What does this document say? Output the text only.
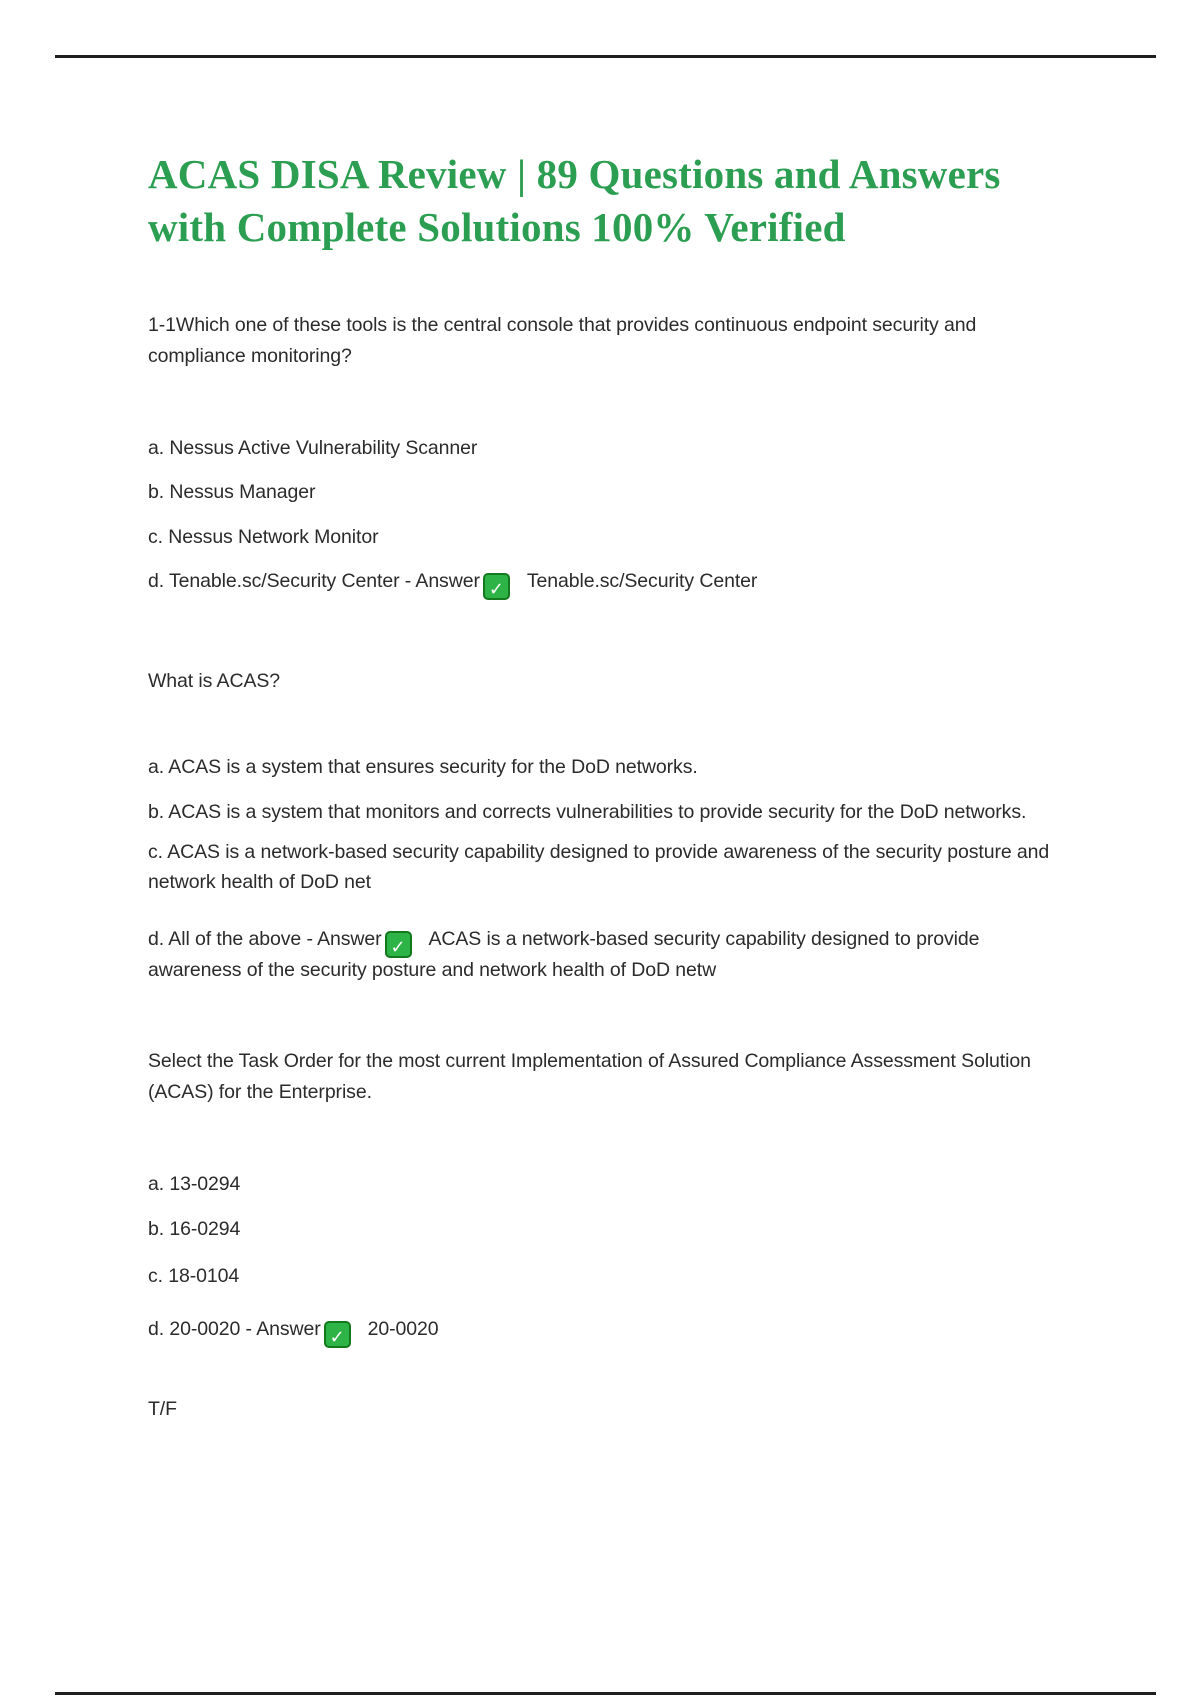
ACAS DISA Review | 89 Questions and Answers
with Complete Solutions 100% Verified
1-1Which one of these tools is the central console that provides continuous endpoint security and
compliance monitoring?
a. Nessus Active Vulnerability Scanner
b. Nessus Manager
c. Nessus Network Monitor
d. Tenable.sc/Security Center - Answer ✓ Tenable.sc/Security Center
What is ACAS?
a. ACAS is a system that ensures security for the DoD networks.
b. ACAS is a system that monitors and corrects vulnerabilities to provide security for the DoD networks.
c. ACAS is a network-based security capability designed to provide awareness of the security posture and
network health of DoD net
d. All of the above - Answer ✓ ACAS is a network-based security capability designed to provide
awareness of the security posture and network health of DoD netw
Select the Task Order for the most current Implementation of Assured Compliance Assessment Solution
(ACAS) for the Enterprise.
a. 13-0294
b. 16-0294
c. 18-0104
d. 20-0020 - Answer ✓ 20-0020
T/F
